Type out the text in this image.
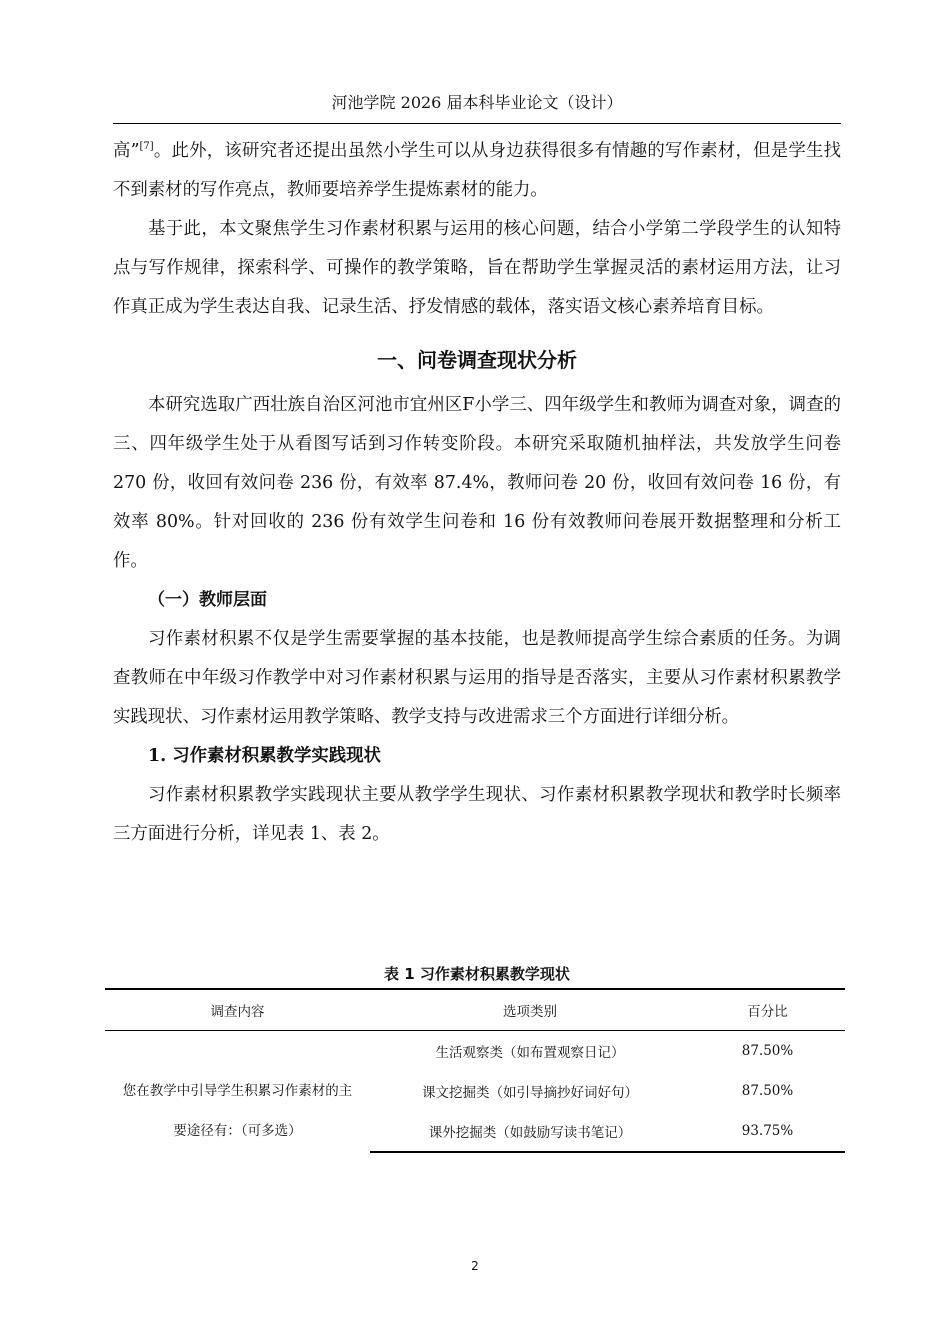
河池学院 2026 届本科毕业论文（设计）

高”[7]。此外，该研究者还提出虽然小学生可以从身边获得很多有情趣的写作素材，但是学生找不到素材的写作亮点，教师要培养学生提炼素材的能力。

基于此，本文聚焦学生习作素材积累与运用的核心问题，结合小学第二学段学生的认知特点与写作规律，探索科学、可操作的教学策略，旨在帮助学生掌握灵活的素材运用方法，让习作真正成为学生表达自我、记录生活、抒发情感的载体，落实语文核心素养培育目标。

一、问卷调查现状分析

本研究选取广西壮族自治区河池市宜州区F小学三、四年级学生和教师为调查对象，调查的三、四年级学生处于从看图写话到习作转变阶段。本研究采取随机抽样法，共发放学生问卷 270 份，收回有效问卷 236 份，有效率 87.4%，教师问卷 20 份，收回有效问卷 16 份，有效率 80%。针对回收的 236 份有效学生问卷和 16 份有效教师问卷展开数据整理和分析工作。

（一）教师层面

习作素材积累不仅是学生需要掌握的基本技能，也是教师提高学生综合素质的任务。为调查教师在中年级习作教学中对习作素材积累与运用的指导是否落实，主要从习作素材积累教学实践现状、习作素材运用教学策略、教学支持与改进需求三个方面进行详细分析。

1. 习作素材积累教学实践现状

习作素材积累教学实践现状主要从教学学生现状、习作素材积累教学现状和教学时长频率三方面进行分析，详见表 1、表 2。

表 1 习作素材积累教学现状
调查内容	选项类别	百分比

您在教学中引导学生积累习作素材的主
要途径有：（可多选）	生活观察类（如布置观察日记）	87.50%
	课文挖掘类（如引导摘抄好词好句）	87.50%
	课外挖掘类（如鼓励写读书笔记）	93.75%
2
